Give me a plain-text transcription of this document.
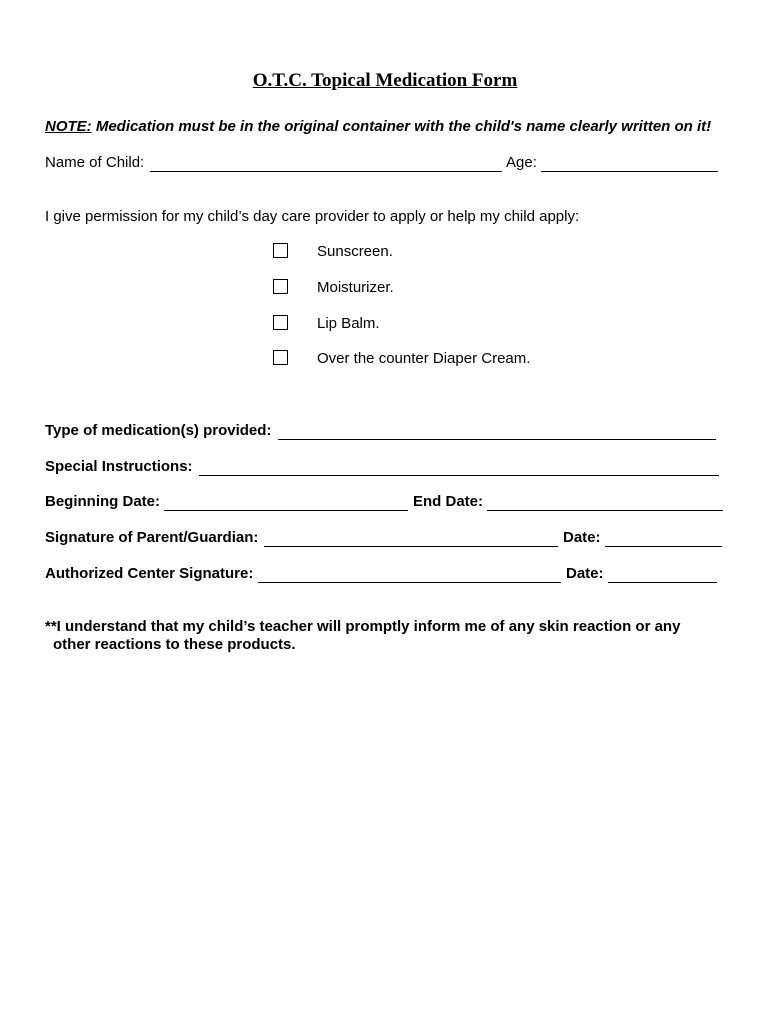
O.T.C. Topical Medication Form
NOTE: Medication must be in the original container with the child's name clearly written on it!
Name of Child:	Age:
I give permission for my child’s day care provider to apply or help my child apply:
Sunscreen.
Moisturizer.
Lip Balm.
Over the counter Diaper Cream.
Type of medication(s) provided:
Special Instructions:
Beginning Date:	End Date:
Signature of Parent/Guardian:	Date:
Authorized Center Signature:	Date:
**I understand that my child’s teacher will promptly inform me of any skin reaction or any
other reactions to these products.
